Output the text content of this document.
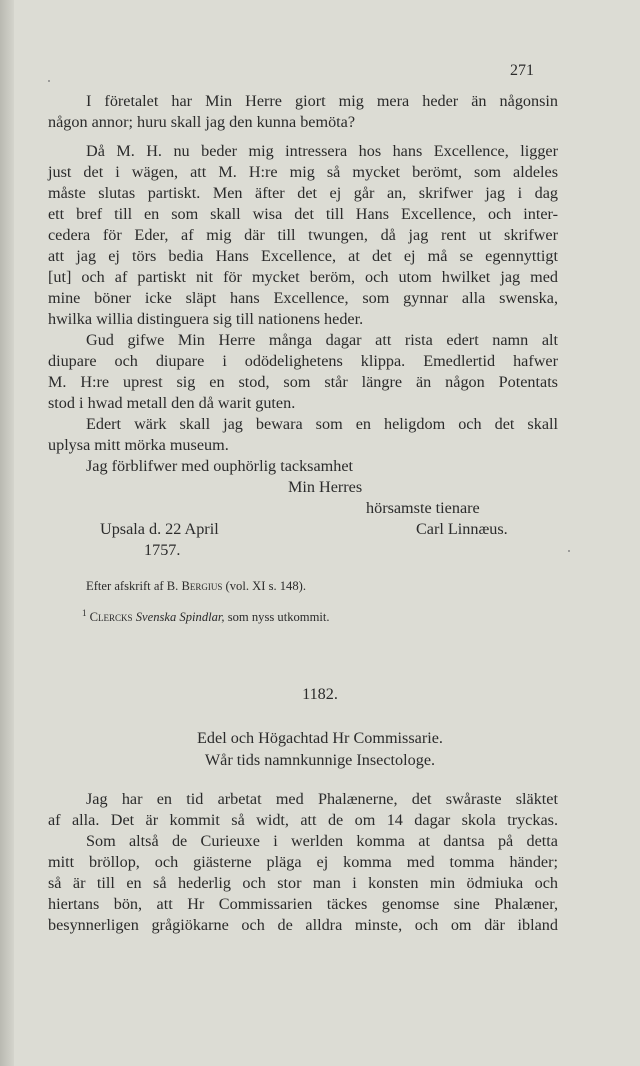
271
I företalet har Min Herre giort mig mera heder än någonsin
någon annor; huru skall jag den kunna bemöta?
Då M. H. nu beder mig intressera hos hans Excellence, ligger
just det i wägen, att M. H:re mig så mycket berömt, som aldeles
måste slutas partiskt. Men äfter det ej går an, skrifwer jag i dag
ett bref till en som skall wisa det till Hans Excellence, och inter-
cedera för Eder, af mig där till twungen, då jag rent ut skrifwer
att jag ej törs bedia Hans Excellence, at det ej må se egennyttigt
[ut] och af partiskt nit för mycket beröm, och utom hwilket jag med
mine böner icke släpt hans Excellence, som gynnar alla swenska,
hwilka willia distinguera sig till nationens heder.
Gud gifwe Min Herre många dagar att rista edert namn alt
diupare och diupare i odödelighetens klippa. Emedlertid hafwer
M. H:re uprest sig en stod, som står längre än någon Potentats
stod i hwad metall den då warit guten.
Edert wärk skall jag bewara som en heligdom och det skall
uplysa mitt mörka museum.
Jag förblifwer med ouphörlig tacksamhet
Min Herres
hörsamste tienare
Upsala d. 22 April	Carl Linnæus.
1757.
Efter afskrift af B. Bergius (vol. XI s. 148).
$^1$ Clercks Svenska Spindlar, som nyss utkommit.
1182.
Edel och Högachtad Hr Commissarie.
Wår tids namnkunnige Insectologe.
Jag har en tid arbetat med Phalænerne, det swåraste släktet
af alla. Det är kommit så widt, att de om 14 dagar skola tryckas.
Som altså de Curieuxe i werlden komma at dantsa på detta
mitt bröllop, och giästerne pläga ej komma med tomma händer;
så är till en så hederlig och stor man i konsten min ödmiuka och
hiertans bön, att Hr Commissarien täckes genomse sine Phalæner,
besynnerligen grågiökarne och de alldra minste, och om där ibland
